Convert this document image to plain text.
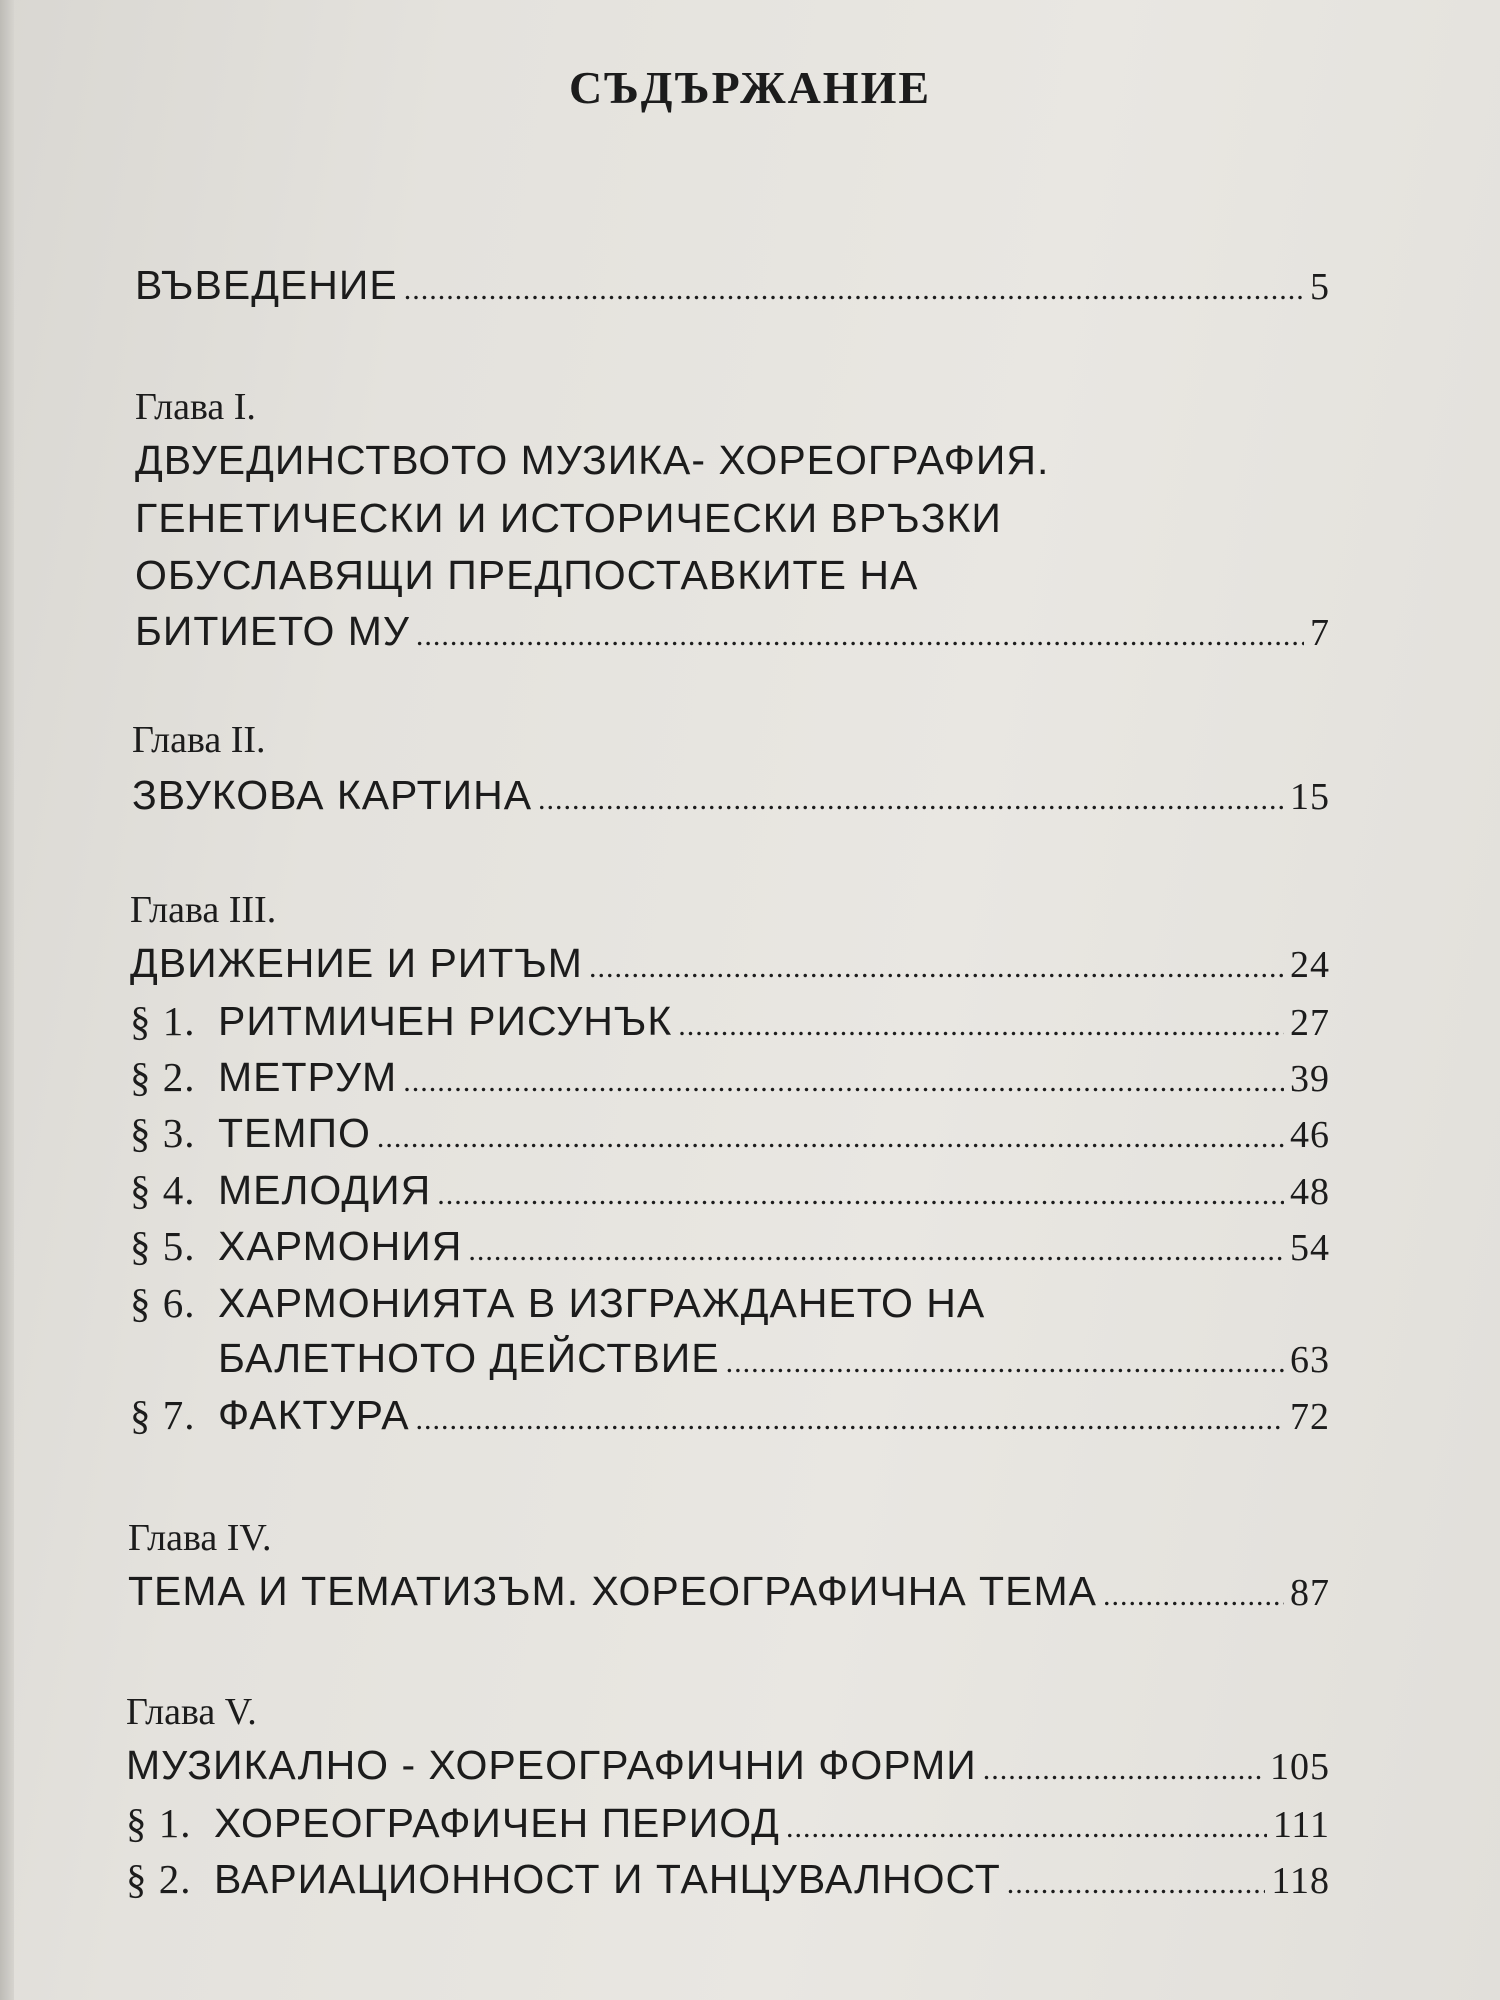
СЪДЪРЖАНИЕ
ВЪВЕДЕНИЕ .....	5
Глава I.
ДВУЕДИНСТВОТО МУЗИКА- ХОРЕОГРАФИЯ.
ГЕНЕТИЧЕСКИ И ИСТОРИЧЕСКИ ВРЪЗКИ
ОБУСЛАВЯЩИ ПРЕДПОСТАВКИТЕ НА
БИТИЕТО МУ .....	7
Глава II.
ЗВУКОВА КАРТИНА .....	15
Глава III.
ДВИЖЕНИЕ И РИТЪМ .....	24
§ 1. РИТМИЧЕН РИСУНЪК .....	27
§ 2. МЕТРУМ .....	39
§ 3. ТЕМПО .....	46
§ 4. МЕЛОДИЯ .....	48
§ 5. ХАРМОНИЯ .....	54
§ 6. ХАРМОНИЯТА В ИЗГРАЖДАНЕТО НА
БАЛЕТНОТО ДЕЙСТВИЕ .....	63
§ 7. ФАКТУРА .....	72
Глава IV.
ТЕМА И ТЕМАТИЗЪМ. ХОРЕОГРАФИЧНА ТЕМА .....	87
Глава V.
МУЗИКАЛНО - ХОРЕОГРАФИЧНИ ФОРМИ .....	105
§ 1. ХОРЕОГРАФИЧЕН ПЕРИОД .....	111
§ 2. ВАРИАЦИОННОСТ И ТАНЦУВАЛНОСТ .....	118
